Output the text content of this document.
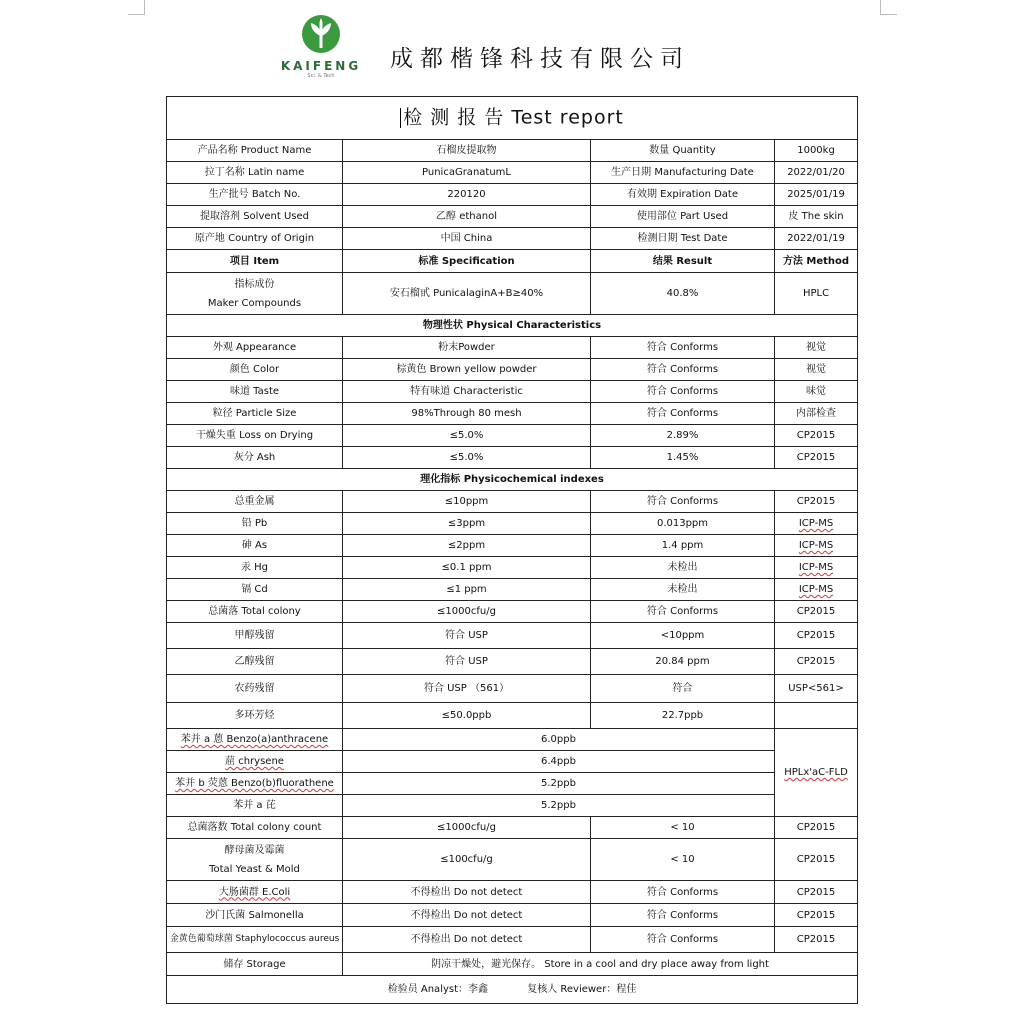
KAIFENG
Sci. & Tech
成都楷锋科技有限公司
检 测 报 告 Test report			
产品名称 Product Name	石榴皮提取物	数量 Quantity	1000kg
拉丁名称 Latin name	PunicaGranatumL	生产日期 Manufacturing Date	2022/01/20
生产批号 Batch No.	220120	有效期 Expiration Date	2025/01/19
提取溶剂 Solvent Used	乙醇 ethanol	使用部位 Part Used	皮 The skin
原产地 Country of Origin	中国 China	检测日期 Test Date	2022/01/19
项目 Item	标准 Specification	结果 Result	方法 Method

指标成份
Maker Compounds	安石榴甙 PunicalaginA+B≥40%	40.8%	HPLC
物理性状 Physical Characteristics			
外观 Appearance	粉末Powder	符合 Conforms	视觉
颜色 Color	棕黄色 Brown yellow powder	符合 Conforms	视觉
味道 Taste	特有味道 Characteristic	符合 Conforms	味觉
粒径 Particle Size	98%Through 80 mesh	符合 Conforms	内部检查
干燥失重 Loss on Drying	≤5.0%	2.89%	CP2015
灰分 Ash	≤5.0%	1.45%	CP2015
理化指标 Physicochemical indexes			
总重金属	≤10ppm	符合 Conforms	CP2015
铅 Pb	≤3ppm	0.013ppm	ICP-MS
砷 As	≤2ppm	1.4 ppm	ICP-MS
汞 Hg	≤0.1 ppm	未检出	ICP-MS
镉 Cd	≤1 ppm	未检出	ICP-MS
总菌落 Total colony	≤1000cfu/g	符合 Conforms	CP2015
甲醇残留	符合 USP	<10ppm	CP2015
乙醇残留	符合 USP	20.84 ppm	CP2015
农药残留	符合 USP （561）	符合	USP<561>
多环芳烃	≤50.0ppb	22.7ppb	
苯并 a 蒽 Benzo(a)anthracene	6.0ppb		HPLx'aC-FLD
䓛 chrysene	6.4ppb		
苯并 b 荧蒽 Benzo(b)fluorathene	5.2ppb		
苯并 a 芘	5.2ppb		
总菌落数 Total colony count	≤1000cfu/g	< 10	CP2015

酵母菌及霉菌
Total Yeast & Mold	≤100cfu/g	< 10	CP2015
大肠菌群 E.Coli	不得检出 Do not detect	符合 Conforms	CP2015
沙门氏菌 Salmonella	不得检出 Do not detect	符合 Conforms	CP2015
金黄色葡萄球菌 Staphylococcus aureus	不得检出 Do not detect	符合 Conforms	CP2015
储存 Storage	阴凉干燥处，避光保存。 Store in a cool and dry place away from light		
检验员 Analyst：李鑫 复核人 Reviewer：程佳			
